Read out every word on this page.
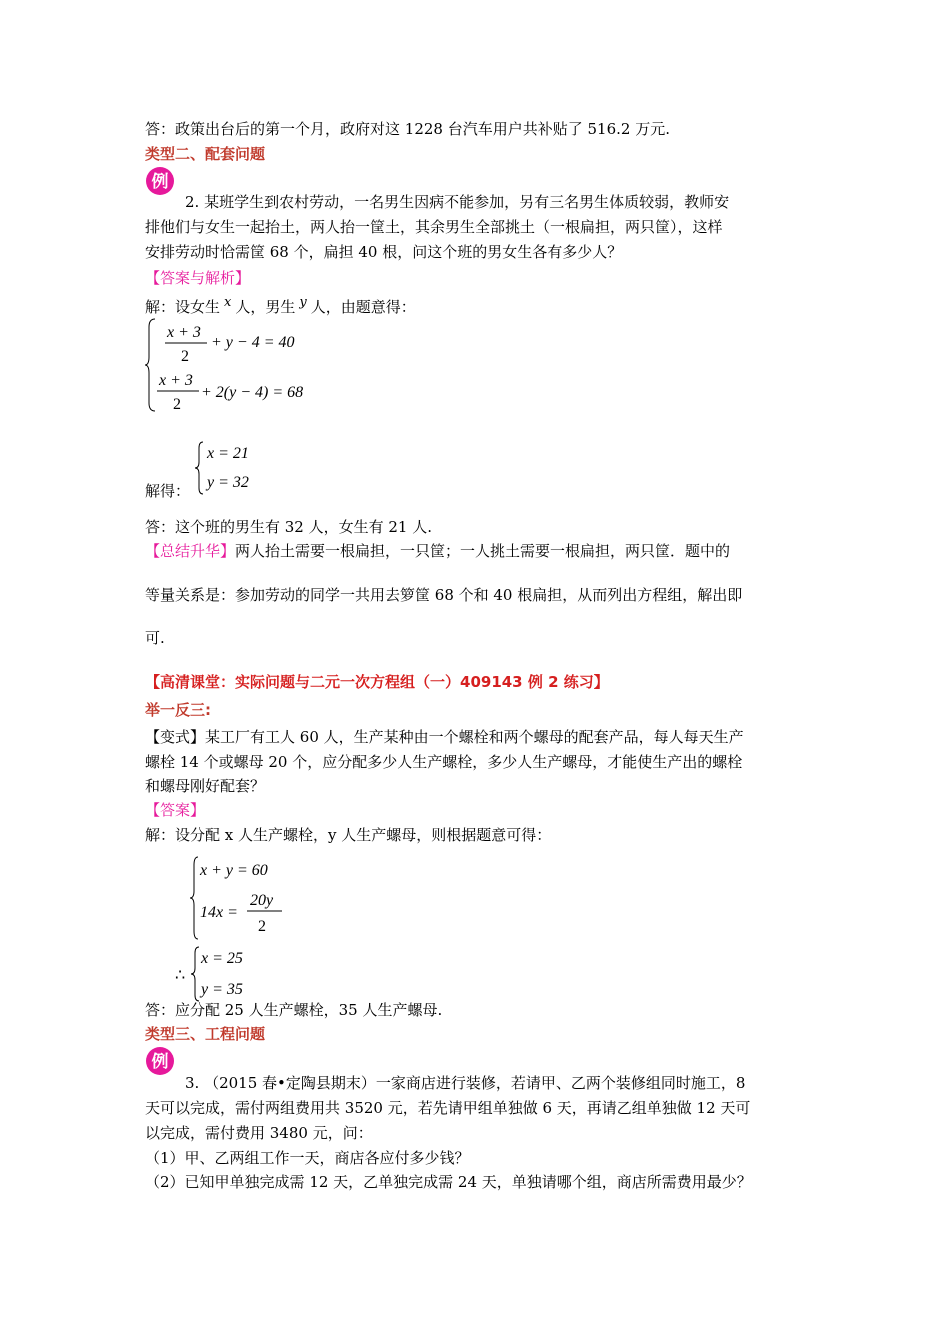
答：政策出台后的第一个月，政府对这 1228 台汽车用户共补贴了 516.2 万元.
类型二、配套问题
例
2. 某班学生到农村劳动，一名男生因病不能参加，另有三名男生体质较弱，教师安
排他们与女生一起抬土，两人抬一筐土，其余男生全部挑土（一根扁担，两只筐），这样
安排劳动时恰需筐 68 个，扁担 40 根，问这个班的男女生各有多少人？
【答案与解析】
解：设女生 x 人，男生 y 人，由题意得：
x + 3
2
+ y − 4 = 40
x + 3
2
+ 2(y − 4) = 68
解得：
x = 21
y = 32
答：这个班的男生有 32 人，女生有 21 人.
【总结升华】两人抬土需要一根扁担，一只筐；一人挑土需要一根扁担，两只筐．题中的
等量关系是：参加劳动的同学一共用去箩筐 68 个和 40 根扁担，从而列出方程组，解出即
可.
【高清课堂：实际问题与二元一次方程组（一）409143 例 2 练习】
举一反三:
【变式】某工厂有工人 60 人，生产某种由一个螺栓和两个螺母的配套产品，每人每天生产
螺栓 14 个或螺母 20 个，应分配多少人生产螺栓，多少人生产螺母，才能使生产出的螺栓
和螺母刚好配套？
【答案】
解：设分配 x 人生产螺栓，y 人生产螺母，则根据题意可得：
x + y = 60
14x =
20y
2
∴
x = 25
y = 35
答：应分配 25 人生产螺栓，35 人生产螺母.
类型三、工程问题
例
3. （2015 春•定陶县期末）一家商店进行装修，若请甲、乙两个装修组同时施工，8
天可以完成，需付两组费用共 3520 元，若先请甲组单独做 6 天，再请乙组单独做 12 天可
以完成，需付费用 3480 元，问：
（1）甲、乙两组工作一天，商店各应付多少钱？
（2）已知甲单独完成需 12 天，乙单独完成需 24 天，单独请哪个组，商店所需费用最少？
